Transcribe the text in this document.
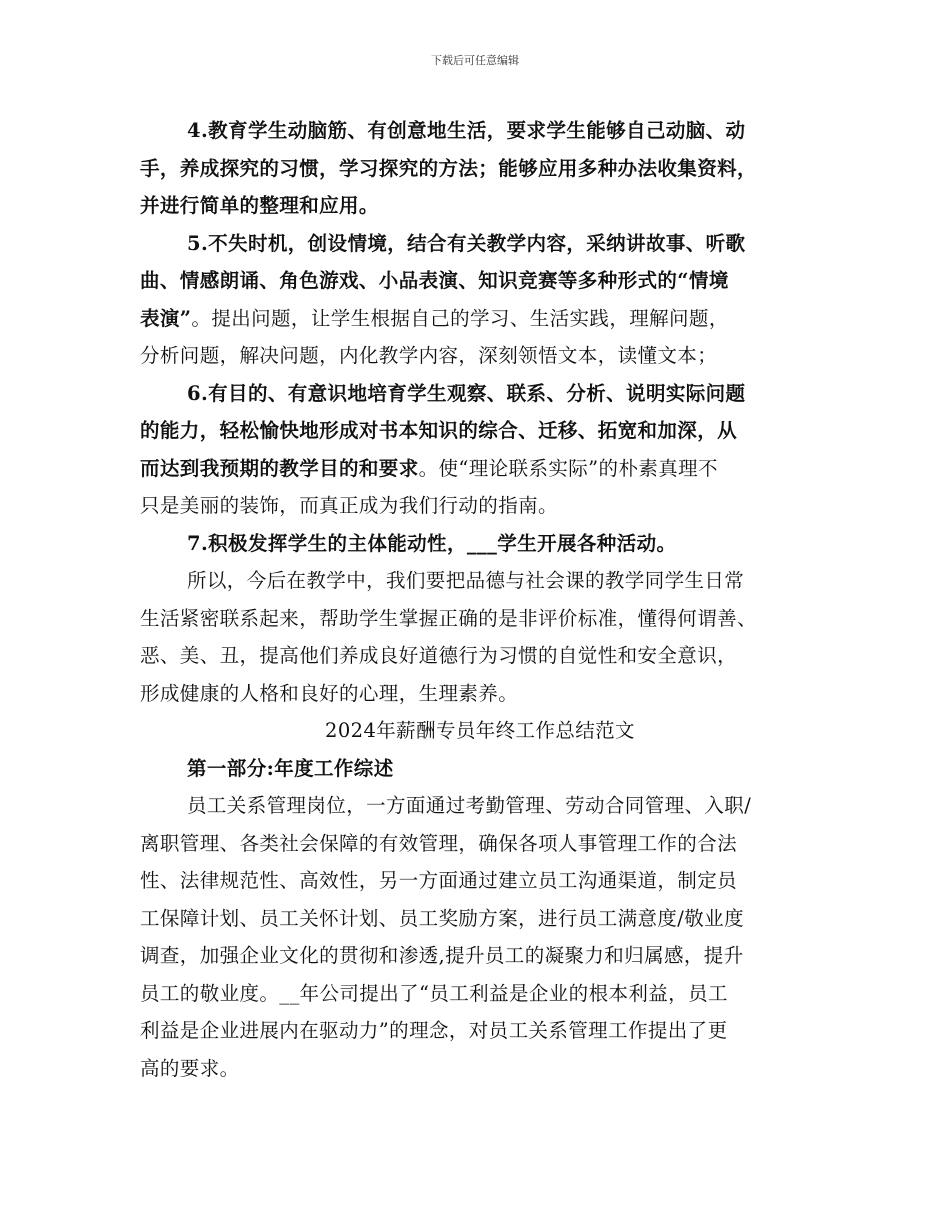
下载后可任意编辑
4.教育学生动脑筋、有创意地生活，要求学生能够自己动脑、动
手，养成探究的习惯，学习探究的方法；能够应用多种办法收集资料，
并进行简单的整理和应用。
5.不失时机，创设情境，结合有关教学内容，采纳讲故事、听歌
曲、情感朗诵、角色游戏、小品表演、知识竞赛等多种形式的“情境
表演”。提出问题，让学生根据自己的学习、生活实践，理解问题，
分析问题，解决问题，内化教学内容，深刻领悟文本，读懂文本；
6.有目的、有意识地培育学生观察、联系、分析、说明实际问题
的能力，轻松愉快地形成对书本知识的综合、迁移、拓宽和加深，从
而达到我预期的教学目的和要求。使“理论联系实际”的朴素真理不
只是美丽的装饰，而真正成为我们行动的指南。
7.积极发挥学生的主体能动性，___学生开展各种活动。
所以，今后在教学中，我们要把品德与社会课的教学同学生日常
生活紧密联系起来，帮助学生掌握正确的是非评价标准，懂得何谓善、
恶、美、丑，提高他们养成良好道德行为习惯的自觉性和安全意识，
形成健康的人格和良好的心理，生理素养。
2024年薪酬专员年终工作总结范文
第一部分:年度工作综述
员工关系管理岗位，一方面通过考勤管理、劳动合同管理、入职/
离职管理、各类社会保障的有效管理，确保各项人事管理工作的合法
性、法律规范性、高效性，另一方面通过建立员工沟通渠道，制定员
工保障计划、员工关怀计划、员工奖励方案，进行员工满意度/敬业度
调查，加强企业文化的贯彻和渗透,提升员工的凝聚力和归属感，提升
员工的敬业度。__年公司提出了“员工利益是企业的根本利益，员工
利益是企业进展内在驱动力”的理念，对员工关系管理工作提出了更
高的要求。
